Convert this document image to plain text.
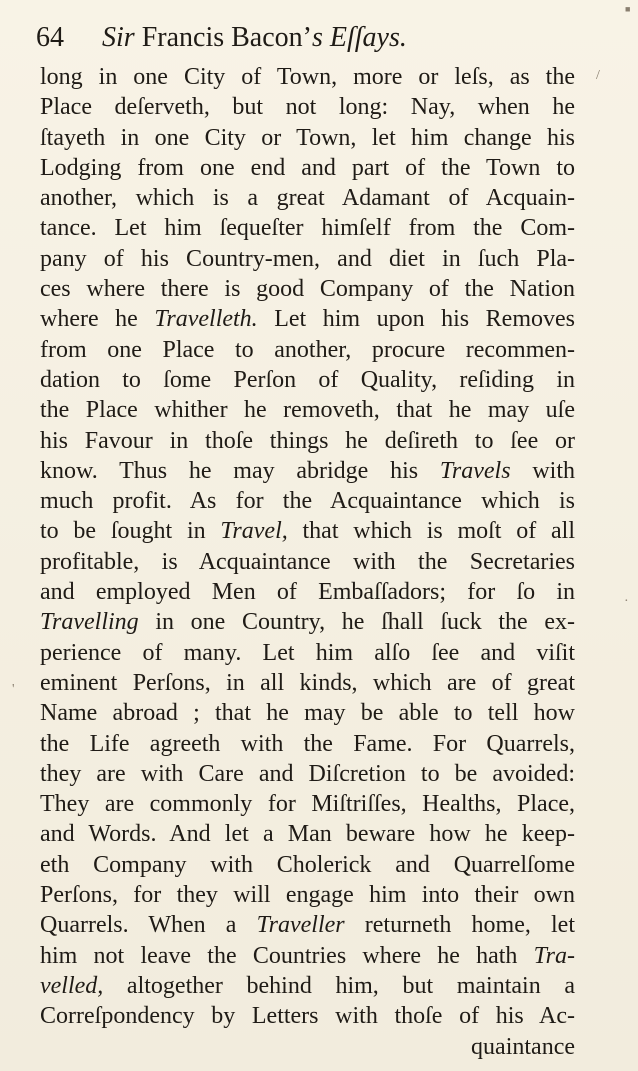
64 Sir Francis Bacon’s Eſſays.
long in one City of Town, more or leſs, as the
Place deſerveth, but not long: Nay, when he
ſtayeth in one City or Town, let him change his
Lodging from one end and part of the Town to
another, which is a great Adamant of Acquain-
tance. Let him ſequeſter himſelf from the Com-
pany of his Country-men, and diet in ſuch Pla-
ces where there is good Company of the Nation
where he Travelleth. Let him upon his Removes
from one Place to another, procure recommen-
dation to ſome Perſon of Quality, reſiding in
the Place whither he removeth, that he may uſe
his Favour in thoſe things he deſireth to ſee or
know. Thus he may abridge his Travels with
much profit. As for the Acquaintance which is
to be ſought in Travel, that which is moſt of all
profitable, is Acquaintance with the Secretaries
and employed Men of Embaſſadors; for ſo in
Travelling in one Country, he ſhall ſuck the ex-
perience of many. Let him alſo ſee and viſit
eminent Perſons, in all kinds, which are of great
Name abroad ; that he may be able to tell how
the Life agreeth with the Fame. For Quarrels,
they are with Care and Diſcretion to be avoided:
They are commonly for Miſtriſſes, Healths, Place,
and Words. And let a Man beware how he keep-
eth Company with Cholerick and Quarrelſome
Perſons, for they will engage him into their own
Quarrels. When a Traveller returneth home, let
him not leave the Countries where he hath Tra-
velled, altogether behind him, but maintain a
Correſpondency by Letters with thoſe of his Ac-
quaintance
/
·
'
■
